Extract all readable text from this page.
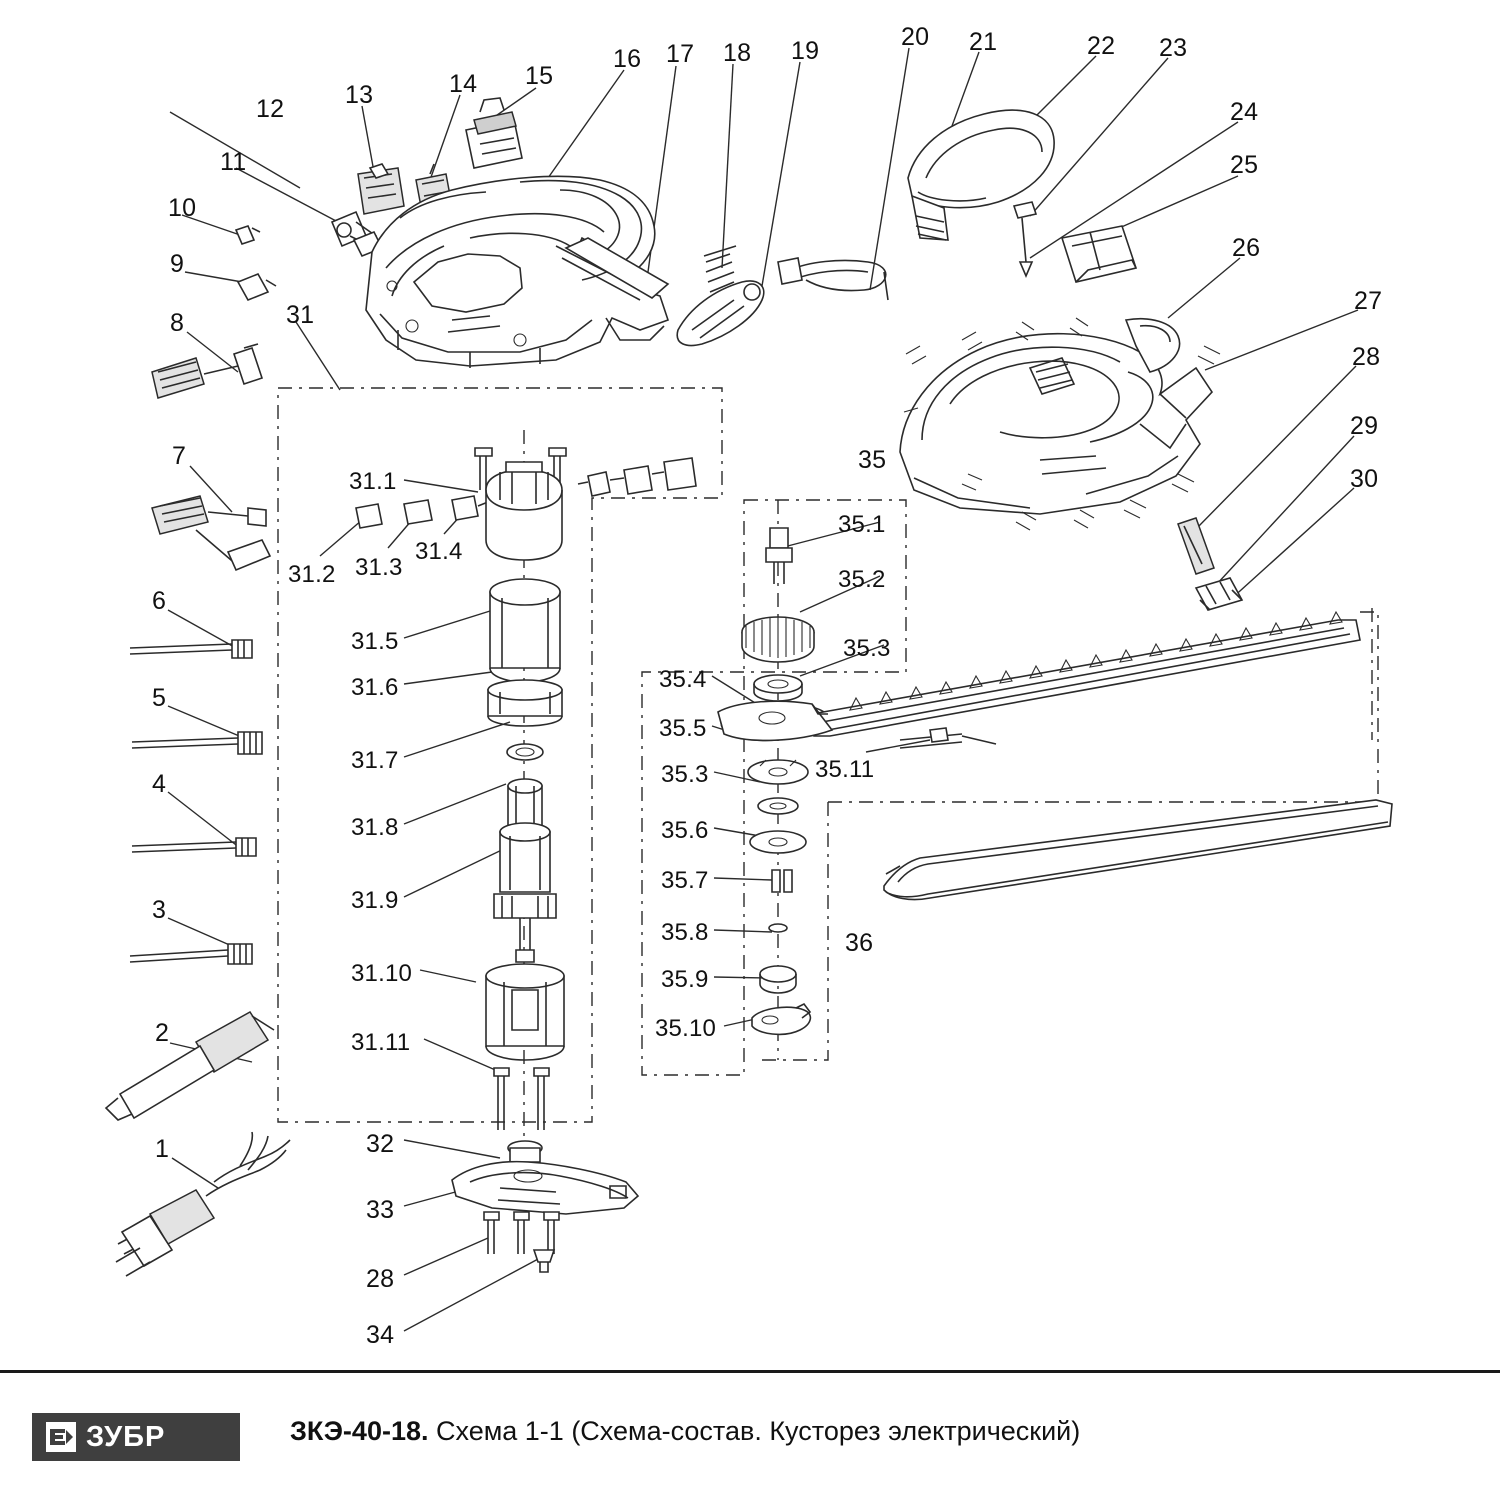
1
2
3
4
5
6
7
8
9
10
11
12 13	14 15
16 17 18 19	20 21	22 23
24
25
26
27
28
29
30
31
31.1
31.2 31.3
31.4
31.5
31.6
31.7
31.8
31.9
31.10
31.11
32
33
28
34
35
35.1
35.2
35.3
35.4
35.5
35.3
35.6
35.7
35.8
35.9
35.10
35.11
36
ЗУБР	ЗКЭ-40-18. Схема 1-1 (Схема-состав. Кусторез электрический)
